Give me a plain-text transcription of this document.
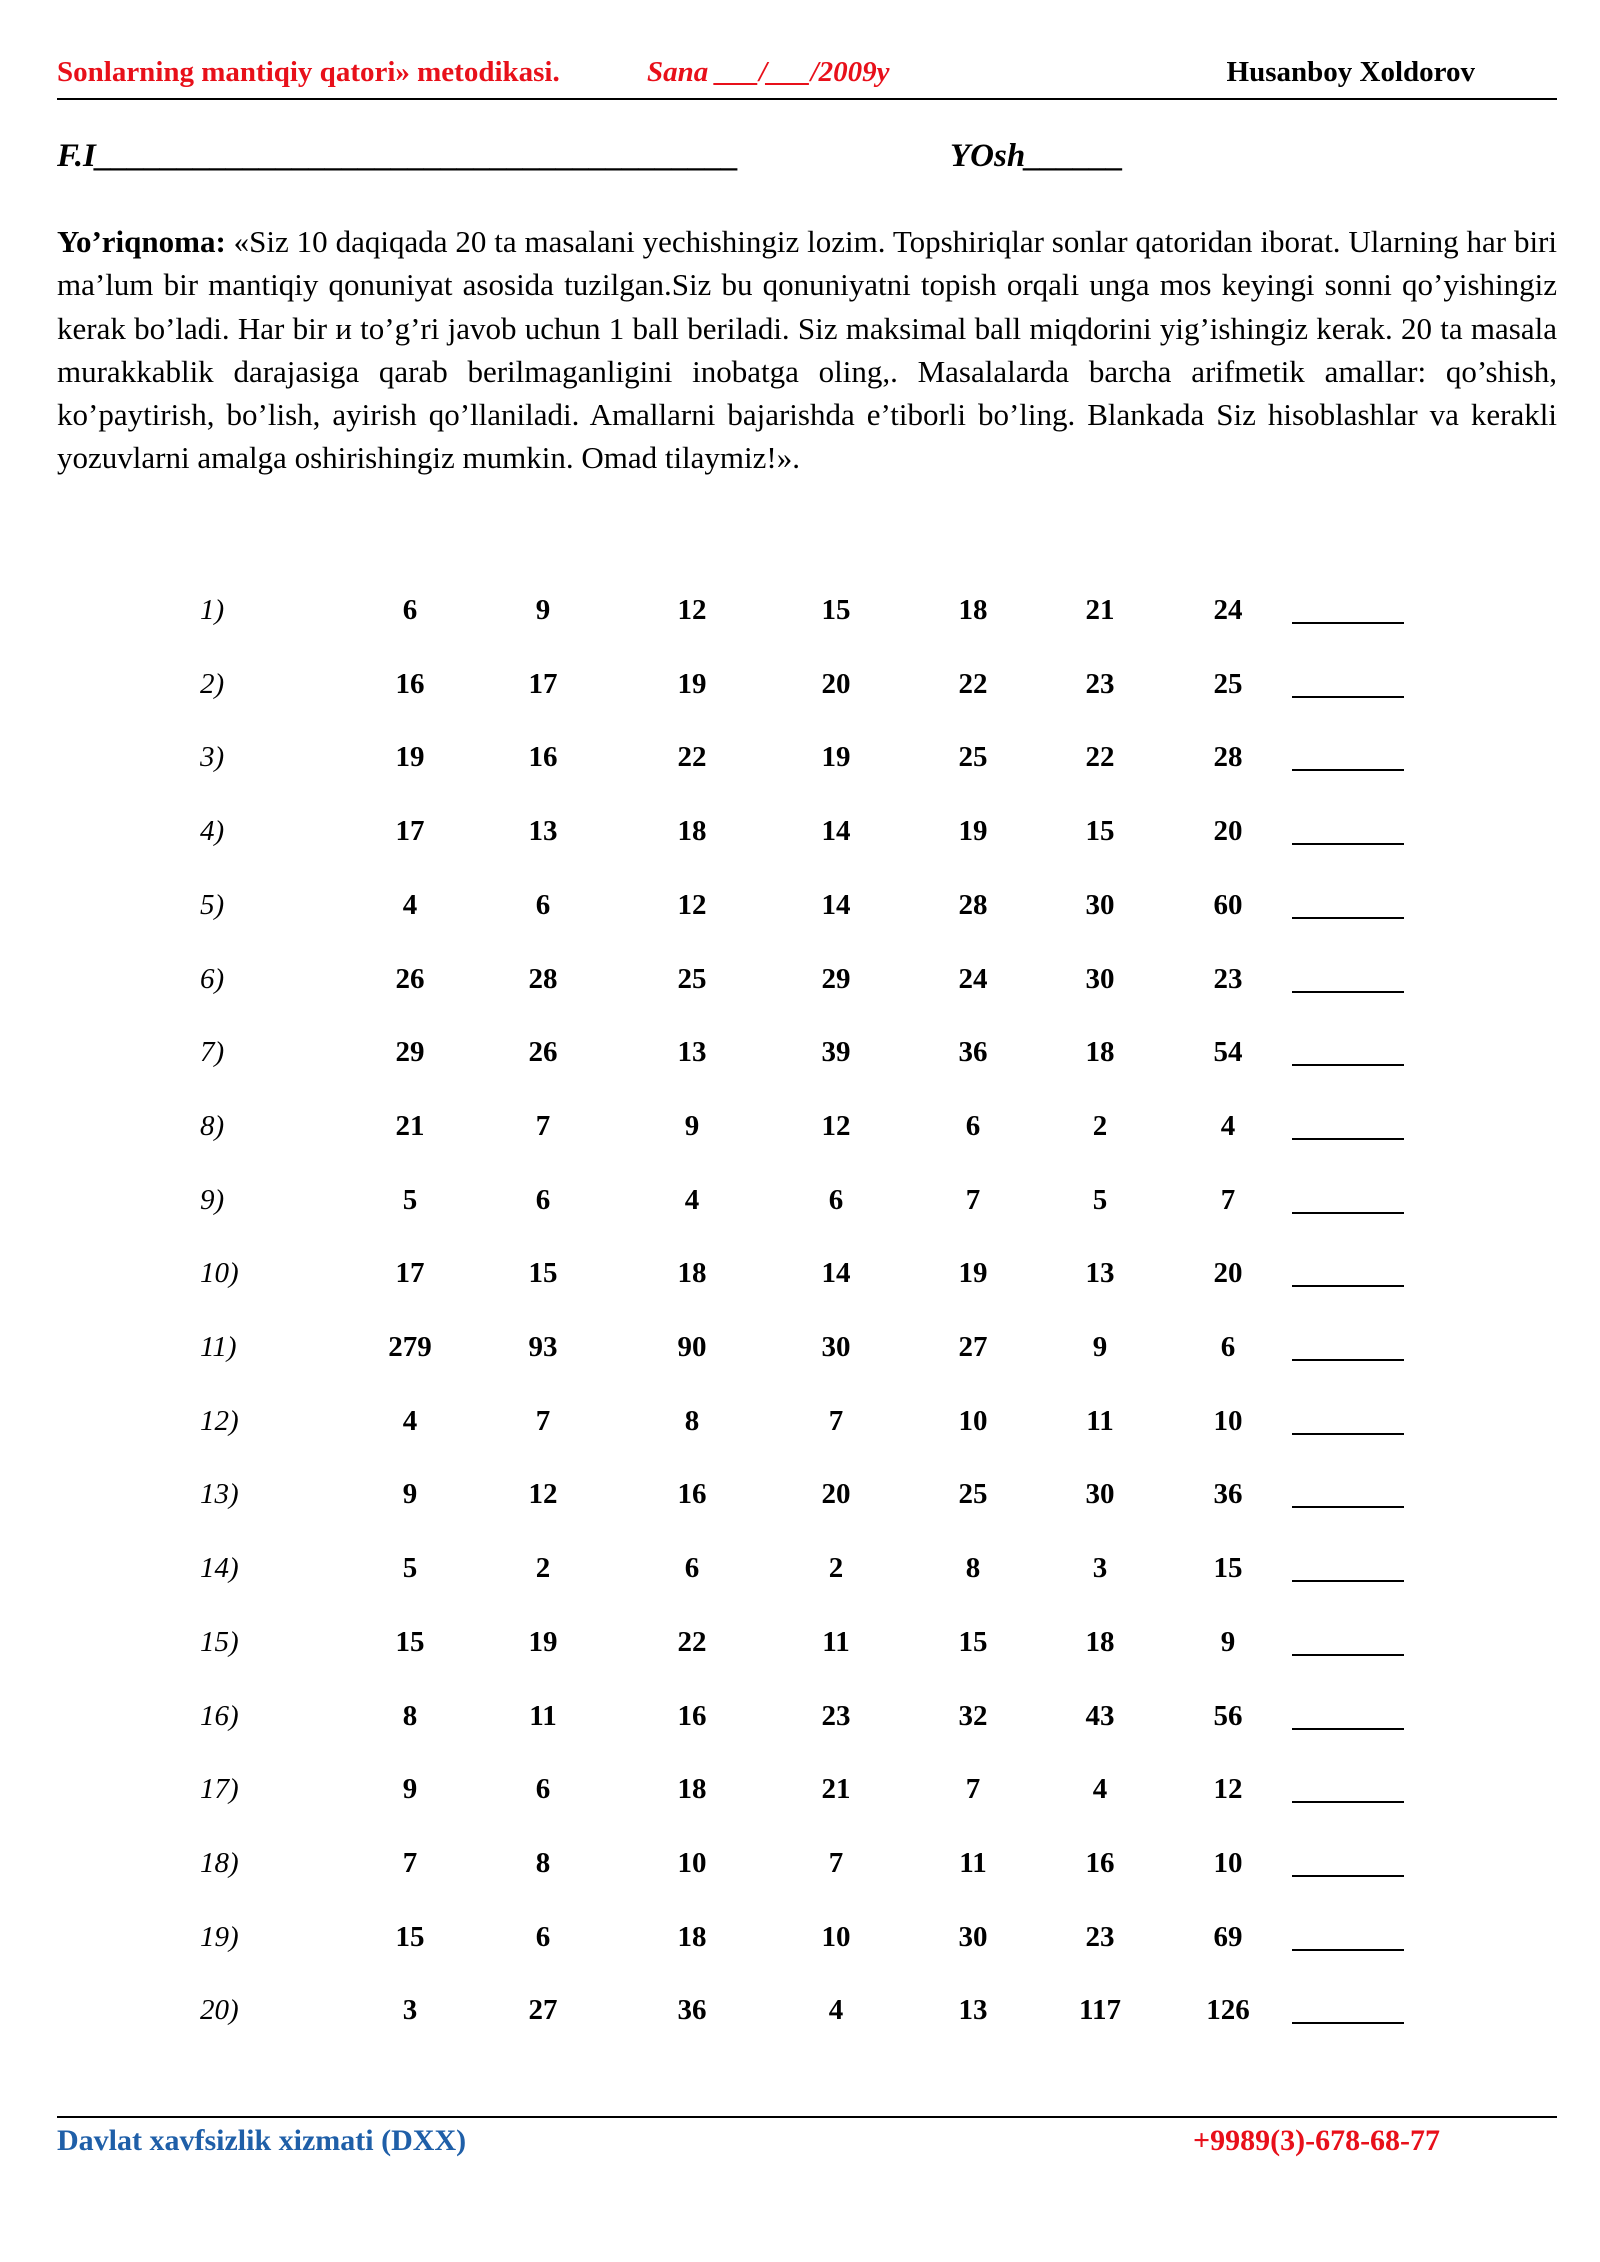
Sonlarning mantiqiy qatori» metodikasi.	Sana ___/___/2009y	Husanboy Xoldorov
F.I_______________________________________	YOsh______
Yo’riqnoma: «Siz 10 daqiqada 20 ta masalani yechishingiz lozim. Topshiriqlar sonlar qatoridan iborat. Ularning har biri ma’lum bir mantiqiy qonuniyat asosida tuzilgan.Siz bu qonuniyatni topish orqali unga mos keyingi sonni qo’yishingiz kerak bo’ladi. Har bir и to’g’ri javob uchun 1 ball beriladi. Siz maksimal ball miqdorini yig’ishingiz kerak. 20 ta masala murakkablik darajasiga qarab berilmaganligini inobatga oling,. Masalalarda barcha arifmetik amallar: qo’shish, ko’paytirish, bo’lish, ayirish qo’llaniladi. Amallarni bajarishda e’tiborli bo’ling. Blankada Siz hisoblashlar va kerakli yozuvlarni amalga oshirishingiz mumkin. Omad tilaymiz!».
1)	6	9	12	15	18	21	24
2)	16	17	19	20	22	23	25
3)	19	16	22	19	25	22	28
4)	17	13	18	14	19	15	20
5)	4	6	12	14	28	30	60
6)	26	28	25	29	24	30	23
7)	29	26	13	39	36	18	54
8)	21	7	9	12	6	2	4
9)	5	6	4	6	7	5	7
10)	17	15	18	14	19	13	20
11)	279	93	90	30	27	9	6
12)	4	7	8	7	10	11	10
13)	9	12	16	20	25	30	36
14)	5	2	6	2	8	3	15
15)	15	19	22	11	15	18	9
16)	8	11	16	23	32	43	56
17)	9	6	18	21	7	4	12
18)	7	8	10	7	11	16	10
19)	15	6	18	10	30	23	69
20)	3	27	36	4	13	117	126
Davlat xavfsizlik xizmati (DXX)	+9989(3)-678-68-77
